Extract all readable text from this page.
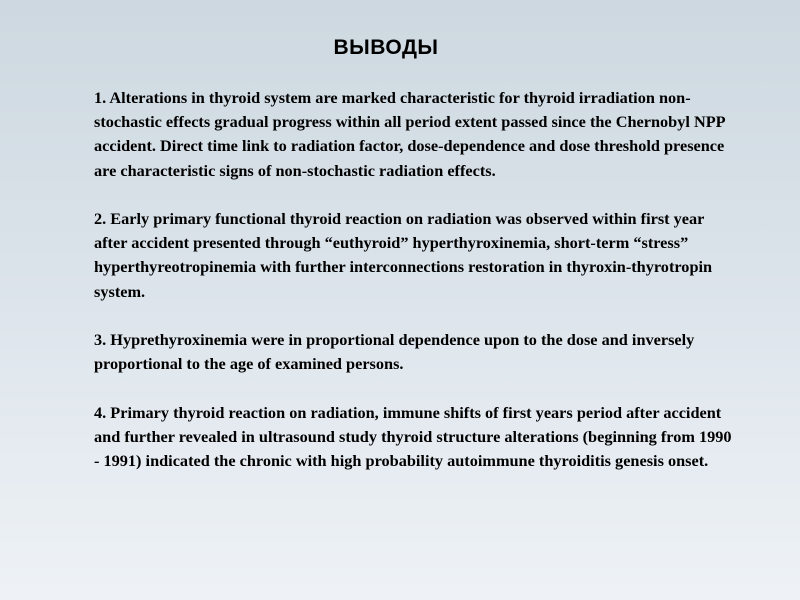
ВЫВОДЫ

1. Alterations in thyroid system are marked characteristic for thyroid irradiation non-stochastic effects gradual progress within all period extent passed since the Chernobyl NPP accident. Direct time link to radiation factor, dose-dependence and dose threshold presence are characteristic signs of non-stochastic radiation effects.

2. Early primary functional thyroid reaction on radiation was observed within first year after accident presented through “euthyroid” hyperthyroxinemia, short-term “stress” hyperthyreotropinemia with further interconnections restoration in thyroxin-thyrotropin system.

3. Hyprethyroxinemia were in proportional dependence upon to the dose and inversely proportional to the age of examined persons.

4. Primary thyroid reaction on radiation, immune shifts of first years period after accident and further revealed in ultrasound study thyroid structure alterations (beginning from 1990 - 1991) indicated the chronic with high probability autoimmune thyroiditis genesis onset.
